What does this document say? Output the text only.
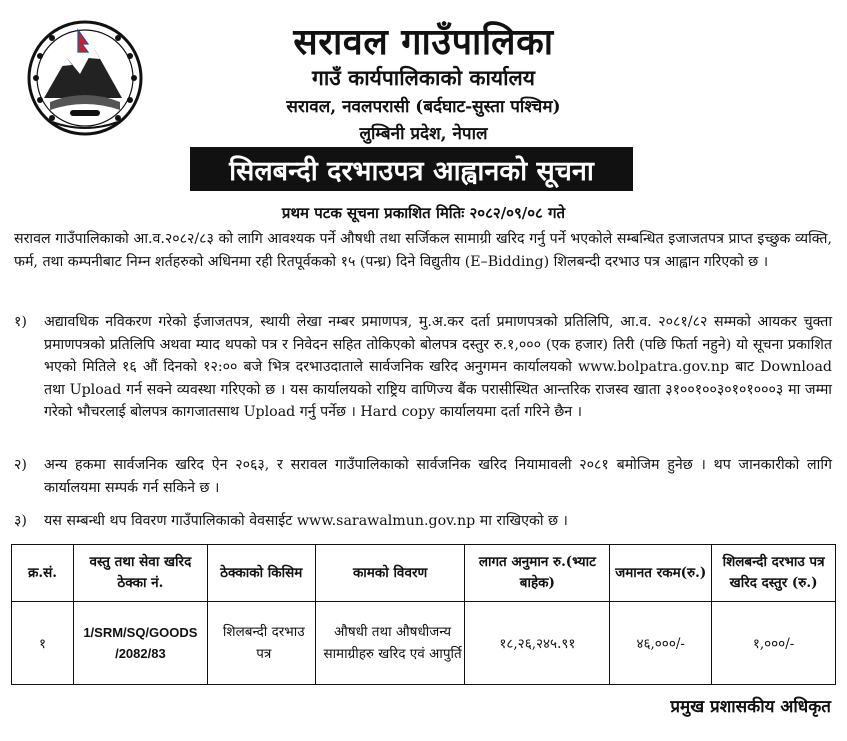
सरावल गाउँपालिका
गाउँ कार्यपालिकाको कार्यालय
सरावल, नवलपरासी (बर्दघाट-सुस्ता पश्चिम)
लुम्बिनी प्रदेश, नेपाल
सिलबन्दी दरभाउपत्र आह्वानको सूचना
प्रथम पटक सूचना प्रकाशित मितिः २०८२/०९/०८ गते
सरावल गाउँपालिकाको आ.व.२०८२/८३ को लागि आवश्यक पर्ने औषधी तथा सर्जिकल सामाग्री खरिद गर्नु पर्ने भएकोले सम्बन्धित इजाजतपत्र प्राप्त इच्छुक व्यक्ति, फर्म, तथा कम्पनीबाट निम्न शर्तहरुको अधिनमा रही रितपूर्वकको १५ (पन्ध्र) दिने विद्युतीय (E–Bidding) शिलबन्दी दरभाउ पत्र आह्वान गरिएको छ ।
१)	अद्यावधिक नविकरण गरेको ईजाजतपत्र, स्थायी लेखा नम्बर प्रमाणपत्र, मु.अ.कर दर्ता प्रमाणपत्रको प्रतिलिपि, आ.व. २०८१/८२ सम्मको आयकर चुक्ता प्रमाणपत्रको प्रतिलिपि अथवा म्याद थपको पत्र र निवेदन सहित तोकिएको बोलपत्र दस्तुर रु.१,००० (एक हजार) तिरी (पछि फिर्ता नहुने) यो सूचना प्रकाशित भएको मितिले १६ औं दिनको १२:०० बजे भित्र दरभाउदाताले सार्वजनिक खरिद अनुगमन कार्यालयको www.bolpatra.gov.np बाट Download तथा Upload गर्न सक्ने व्यवस्था गरिएको छ । यस कार्यालयको राष्ट्रिय वाणिज्य बैंक परासीस्थित आन्तरिक राजस्व खाता ३१००१००३०१०१०००३ मा जम्मा गरेको भौचरलाई बोलपत्र कागजातसाथ Upload गर्नु पर्नेछ । Hard copy कार्यालयमा दर्ता गरिने छैन ।
२)	अन्य हकमा सार्वजनिक खरिद ऐन २०६३, र सरावल गाउँपालिकाको सार्वजनिक खरिद नियामावली २०८१ बमोजिम हुनेछ । थप जानकारीको लागि कार्यालयमा सम्पर्क गर्न सकिने छ ।
३)	यस सम्बन्धी थप विवरण गाउँपालिकाको वेवसाईट www.sarawalmun.gov.np मा राखिएको छ ।
क्र.सं.	वस्तु तथा सेवा खरिद ठेक्का नं.	ठेक्काको किसिम	कामको विवरण	लागत अनुमान रु.(भ्याट बाहेक)	जमानत रकम(रु.)	शिलबन्दी दरभाउ पत्र खरिद दस्तुर (रु.)
१	1/SRM/SQ/GOODS /2082/83	शिलबन्दी दरभाउ पत्र	औषधी तथा औषधीजन्य सामाग्रीहरु खरिद एवं आपुर्ति	१८,२६,२४५.९१	४६,०००/-	१,०००/-
प्रमुख प्रशासकीय अधिकृत
